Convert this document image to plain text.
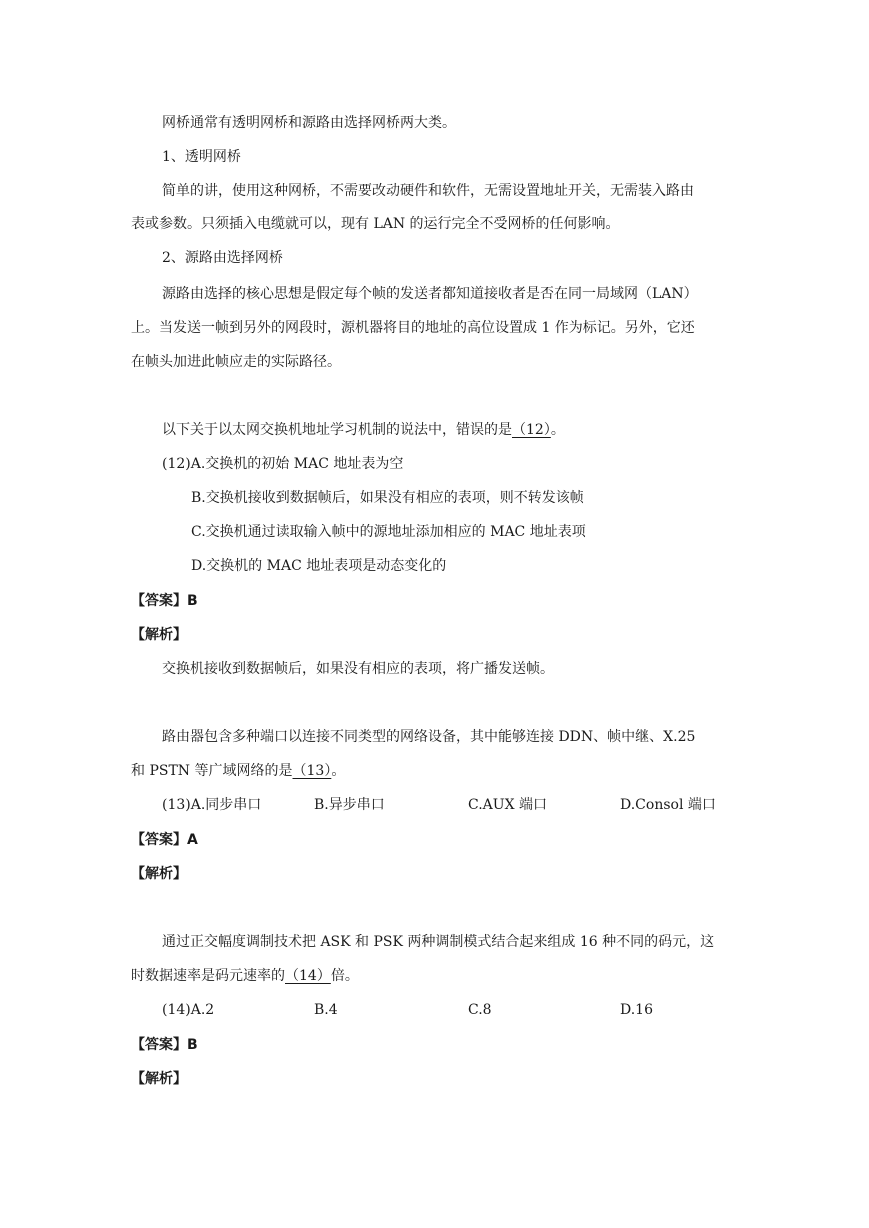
网桥通常有透明网桥和源路由选择网桥两大类。
1、透明网桥
简单的讲，使用这种网桥，不需要改动硬件和软件，无需设置地址开关，无需装入路由
表或参数。只须插入电缆就可以，现有 LAN 的运行完全不受网桥的任何影响。
2、源路由选择网桥
源路由选择的核心思想是假定每个帧的发送者都知道接收者是否在同一局域网（LAN）
上。当发送一帧到另外的网段时，源机器将目的地址的高位设置成 1 作为标记。另外，它还
在帧头加进此帧应走的实际路径。
以下关于以太网交换机地址学习机制的说法中，错误的是（12）。
(12)A.交换机的初始 MAC 地址表为空
B.交换机接收到数据帧后，如果没有相应的表项，则不转发该帧
C.交换机通过读取输入帧中的源地址添加相应的 MAC 地址表项
D.交换机的 MAC 地址表项是动态变化的
【答案】B
【解析】
交换机接收到数据帧后，如果没有相应的表项，将广播发送帧。
路由器包含多种端口以连接不同类型的网络设备，其中能够连接 DDN、帧中继、X.25
和 PSTN 等广域网络的是（13）。
(13)A.同步串口	B.异步串口	C.AUX 端口	D.Consol 端口
【答案】A
【解析】
通过正交幅度调制技术把 ASK 和 PSK 两种调制模式结合起来组成 16 种不同的码元，这
时数据速率是码元速率的（14）倍。
(14)A.2	B.4	C.8	D.16
【答案】B
【解析】
